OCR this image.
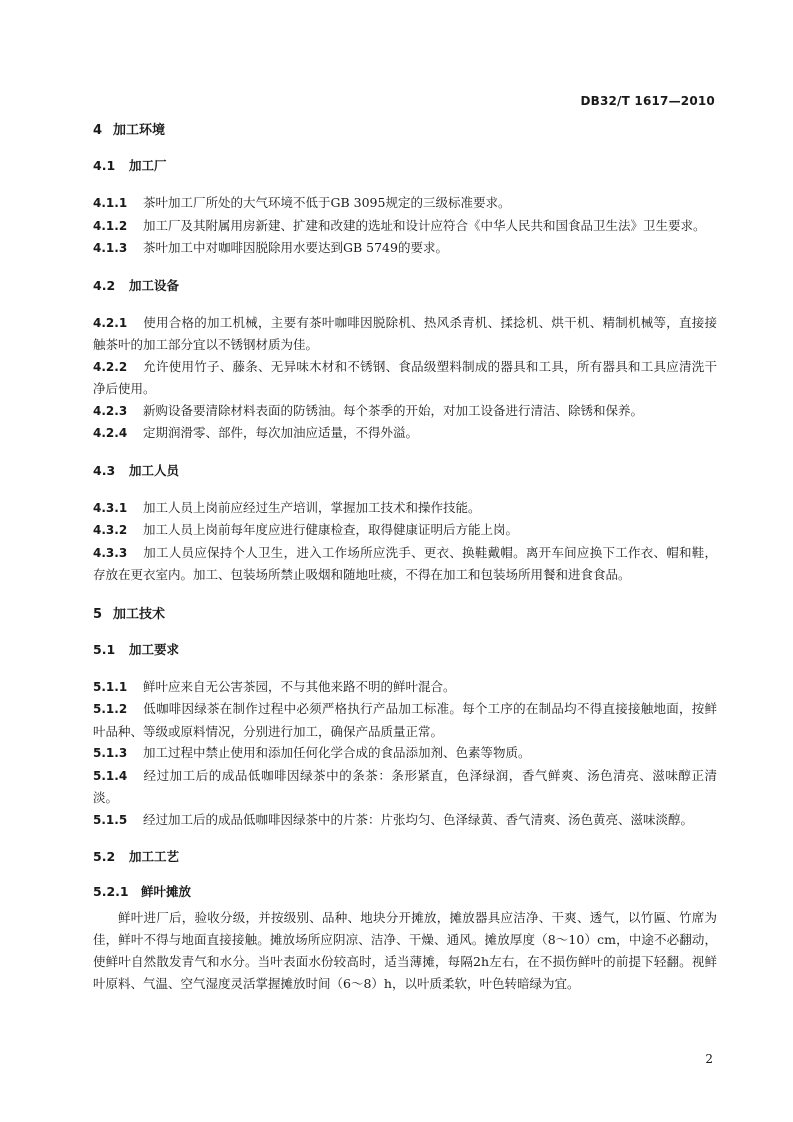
DB32/T 1617—2010
4 加工环境
4.1 加工厂

4.1.1 茶叶加工厂所处的大气环境不低于GB 3095规定的三级标准要求。

4.1.2 加工厂及其附属用房新建、扩建和改建的选址和设计应符合《中华人民共和国食品卫生法》卫生要求。

4.1.3 茶叶加工中对咖啡因脱除用水要达到GB 5749的要求。

4.2 加工设备

4.2.1 使用合格的加工机械，主要有茶叶咖啡因脱除机、热风杀青机、揉捻机、烘干机、精制机械等，直接接触茶叶的加工部分宜以不锈钢材质为佳。

4.2.2 允许使用竹子、藤条、无异味木材和不锈钢、食品级塑料制成的器具和工具，所有器具和工具应清洗干净后使用。

4.2.3 新购设备要清除材料表面的防锈油。每个茶季的开始，对加工设备进行清洁、除锈和保养。

4.2.4 定期润滑零、部件，每次加油应适量，不得外溢。

4.3 加工人员

4.3.1 加工人员上岗前应经过生产培训，掌握加工技术和操作技能。

4.3.2 加工人员上岗前每年度应进行健康检查，取得健康证明后方能上岗。

4.3.3 加工人员应保持个人卫生，进入工作场所应洗手、更衣、换鞋戴帽。离开车间应换下工作衣、帽和鞋，存放在更衣室内。加工、包装场所禁止吸烟和随地吐痰，不得在加工和包装场所用餐和进食食品。

5 加工技术
5.1 加工要求

5.1.1 鲜叶应来自无公害茶园，不与其他来路不明的鲜叶混合。

5.1.2 低咖啡因绿茶在制作过程中必须严格执行产品加工标准。每个工序的在制品均不得直接接触地面，按鲜叶品种、等级或原料情况，分别进行加工，确保产品质量正常。

5.1.3 加工过程中禁止使用和添加任何化学合成的食品添加剂、色素等物质。

5.1.4 经过加工后的成品低咖啡因绿茶中的条茶：条形紧直，色泽绿润，香气鲜爽、汤色清亮、滋味醇正清淡。

5.1.5 经过加工后的成品低咖啡因绿茶中的片茶：片张均匀、色泽绿黄、香气清爽、汤色黄亮、滋味淡醇。

5.2 加工工艺
5.2.1 鲜叶摊放

鲜叶进厂后，验收分级，并按级别、品种、地块分开摊放，摊放器具应洁净、干爽、透气，以竹匾、竹席为佳，鲜叶不得与地面直接接触。摊放场所应阴凉、洁净、干燥、通风。摊放厚度（8～10）cm，中途不必翻动，使鲜叶自然散发青气和水分。当叶表面水份较高时，适当薄摊，每隔2h左右，在不损伤鲜叶的前提下轻翻。视鲜叶原料、气温、空气湿度灵活掌握摊放时间（6～8）h，以叶质柔软，叶色转暗绿为宜。

2
